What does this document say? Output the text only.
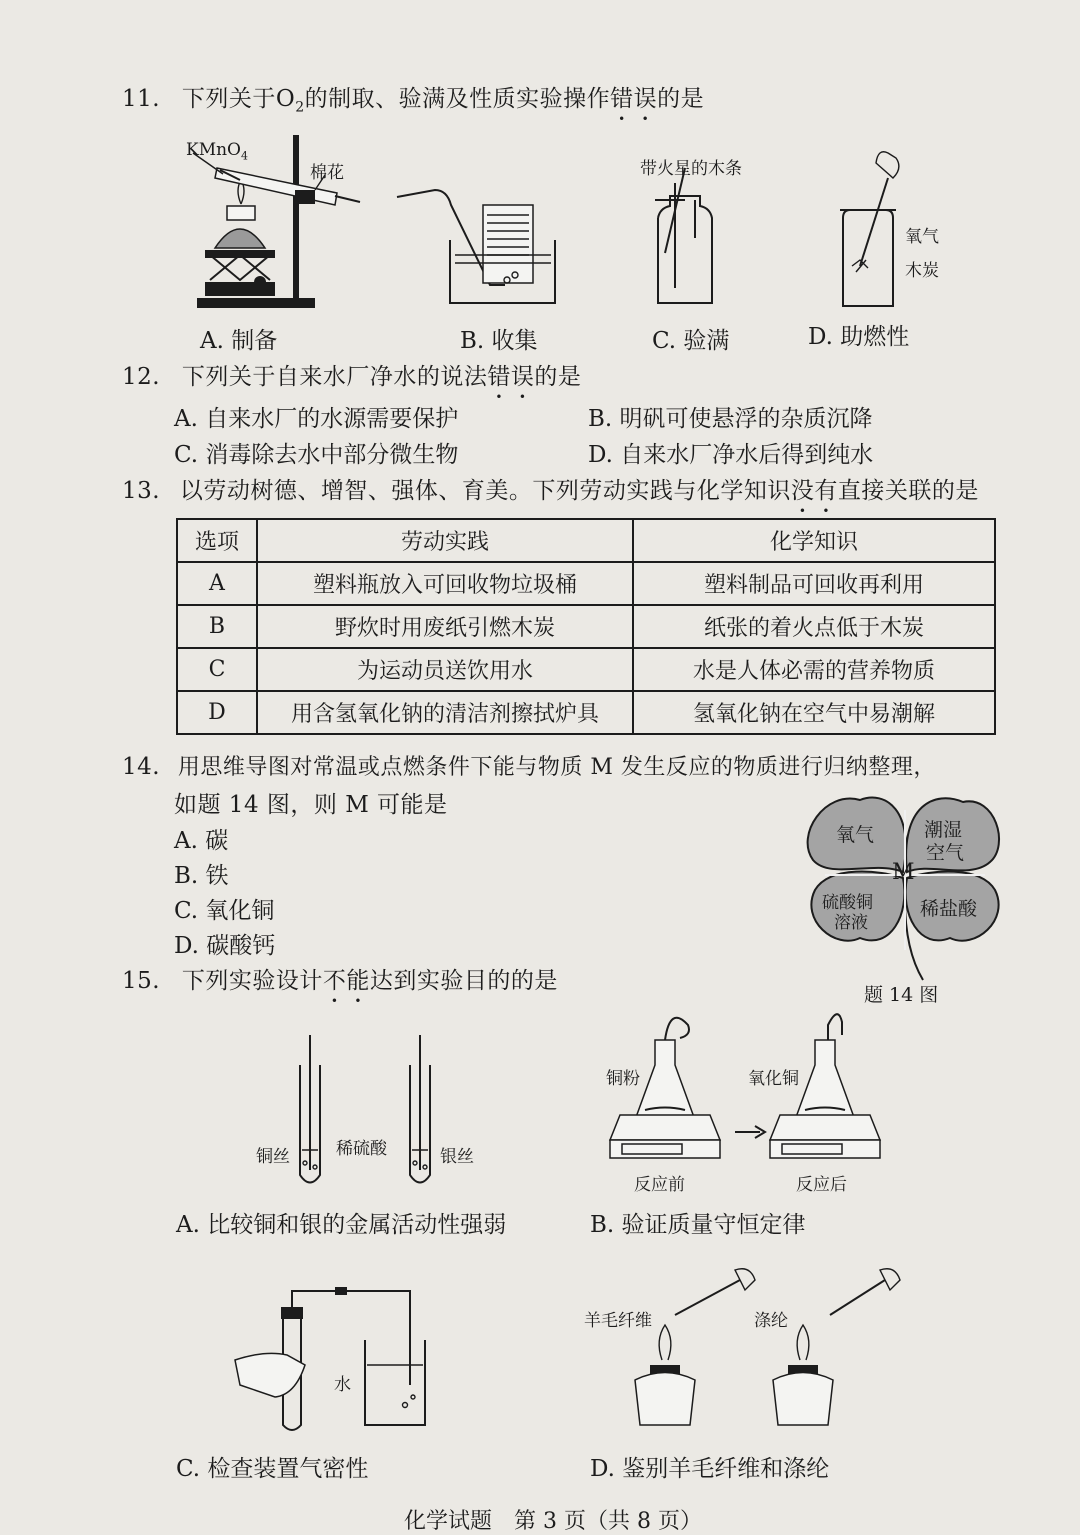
11. 下列关于$O_2$的制取、验满及性质实验操作错误的是
KMnO$_4$
棉花	带火星的木条
氧气
木炭
A. 制备	B. 收集	C. 验满	D. 助燃性
12. 下列关于自来水厂净水的说法错误的是
A. 自来水厂的水源需要保护	B. 明矾可使悬浮的杂质沉降
C. 消毒除去水中部分微生物	D. 自来水厂净水后得到纯水
13. 以劳动树德、增智、强体、育美。下列劳动实践与化学知识没有直接关联的是
选项	劳动实践	化学知识
A	塑料瓶放入可回收物垃圾桶	塑料制品可回收再利用
B	野炊时用废纸引燃木炭	纸张的着火点低于木炭
C	为运动员送饮用水	水是人体必需的营养物质
D	用含氢氧化钠的清洁剂擦拭炉具	氢氧化钠在空气中易潮解
14. 用思维导图对常温或点燃条件下能与物质 M 发生反应的物质进行归纳整理，
如题 14 图，则 M 可能是
A. 碳
B. 铁
C. 氧化铜
D. 碳酸钙
氧气	潮湿
空气
M
硫酸铜
溶液
稀盐酸
题 14 图
15. 下列实验设计不能达到实验目的的是
铜丝	稀硫酸	银丝
铜粉	氧化铜
反应前	反应后
A. 比较铜和银的金属活动性强弱	B. 验证质量守恒定律
水
羊毛纤维	涤纶
C. 检查装置气密性	D. 鉴别羊毛纤维和涤纶
化学试题　第 3 页（共 8 页）
